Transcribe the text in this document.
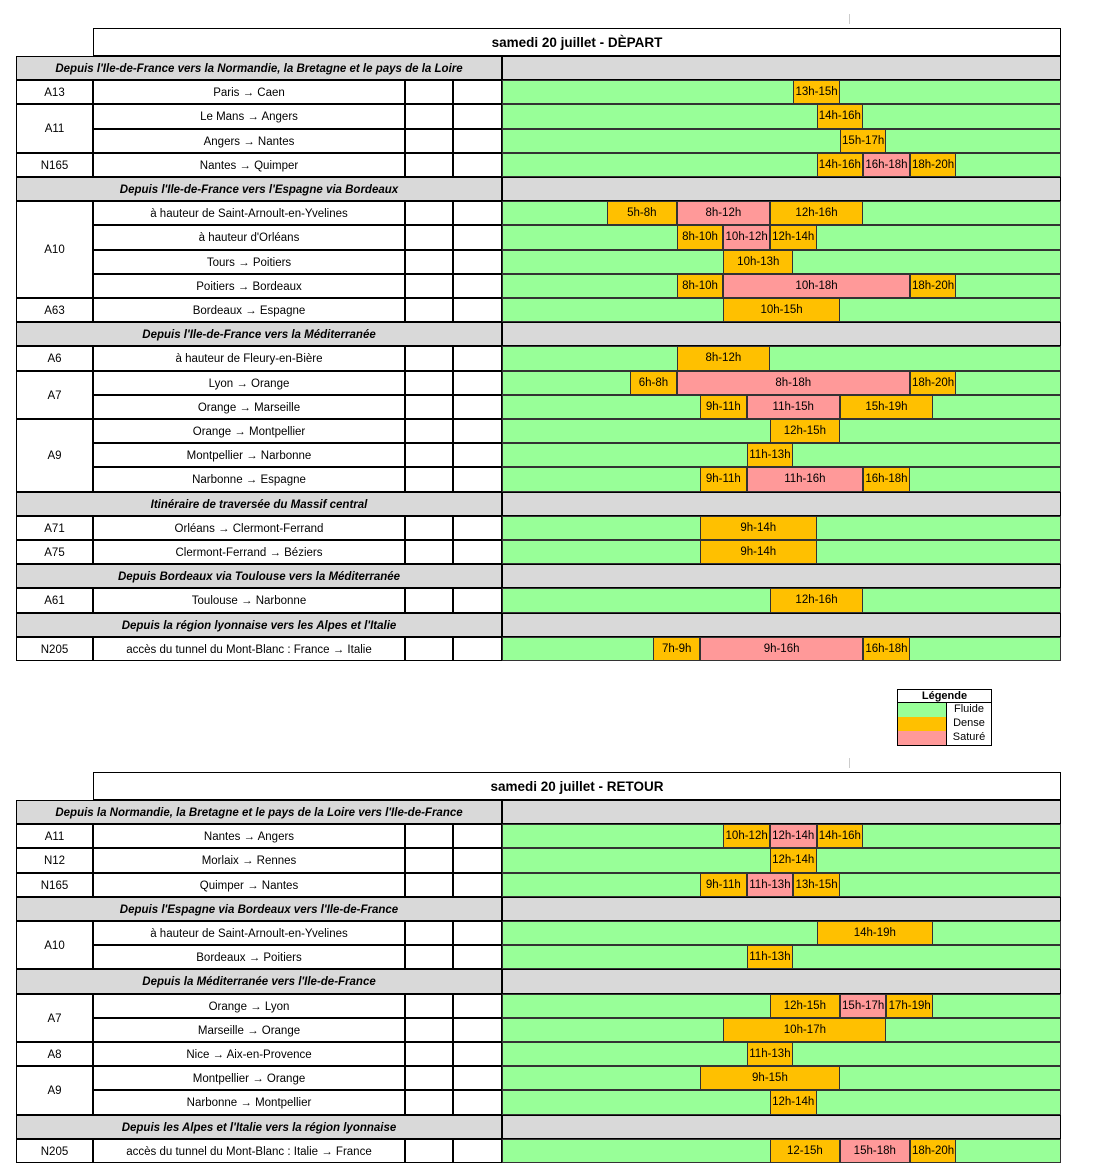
samedi 20 juillet - DÈPART
Depuis l'Ile-de-France vers la Normandie, la Bretagne et le pays de la Loire
A13	Paris → Caen	13h-15h
A11
Le Mans → Angers	14h-16h
Angers → Nantes	15h-17h
N165	Nantes → Quimper	14h-16h 16h-18h 18h-20h
Depuis l'Ile-de-France vers l'Espagne via Bordeaux
A10
à hauteur de Saint-Arnoult-en-Yvelines	5h-8h	8h-12h	12h-16h
à hauteur d'Orléans	8h-10h 10h-12h 12h-14h
Tours → Poitiers	10h-13h
Poitiers → Bordeaux	8h-10h	10h-18h	18h-20h
A63	Bordeaux → Espagne	10h-15h
Depuis l'Ile-de-France vers la Méditerranée
A6	à hauteur de Fleury-en-Bière	8h-12h
A7
Lyon → Orange	6h-8h	8h-18h	18h-20h
Orange → Marseille	9h-11h	11h-15h	15h-19h
A9
Orange → Montpellier	12h-15h
Montpellier → Narbonne	11h-13h
Narbonne → Espagne	9h-11h	11h-16h	16h-18h
Itinéraire de traversée du Massif central
A71	Orléans → Clermont-Ferrand	9h-14h
A75	Clermont-Ferrand → Béziers	9h-14h
Depuis Bordeaux via Toulouse vers la Méditerranée
A61	Toulouse → Narbonne	12h-16h
Depuis la région lyonnaise vers les Alpes et l'Italie
N205	accès du tunnel du Mont-Blanc : France → Italie	7h-9h	9h-16h	16h-18h
samedi 20 juillet - RETOUR
Depuis la Normandie, la Bretagne et le pays de la Loire vers l'Ile-de-France
A11	Nantes → Angers	10h-12h 12h-14h 14h-16h
N12	Morlaix → Rennes	12h-14h
N165	Quimper → Nantes	9h-11h 11h-13h 13h-15h
Depuis l'Espagne via Bordeaux vers l'Ile-de-France
A10
à hauteur de Saint-Arnoult-en-Yvelines	14h-19h
Bordeaux → Poitiers	11h-13h
Depuis la Méditerranée vers l'Ile-de-France
A7
Orange → Lyon	12h-15h	15h-17h 17h-19h
Marseille → Orange	10h-17h
A8	Nice → Aix-en-Provence	11h-13h
A9
Montpellier → Orange	9h-15h
Narbonne → Montpellier	12h-14h
Depuis les Alpes et l'Italie vers la région lyonnaise
N205	accès du tunnel du Mont-Blanc : Italie → France	12-15h	15h-18h	18h-20h
Légende
Fluide
Dense
Saturé
